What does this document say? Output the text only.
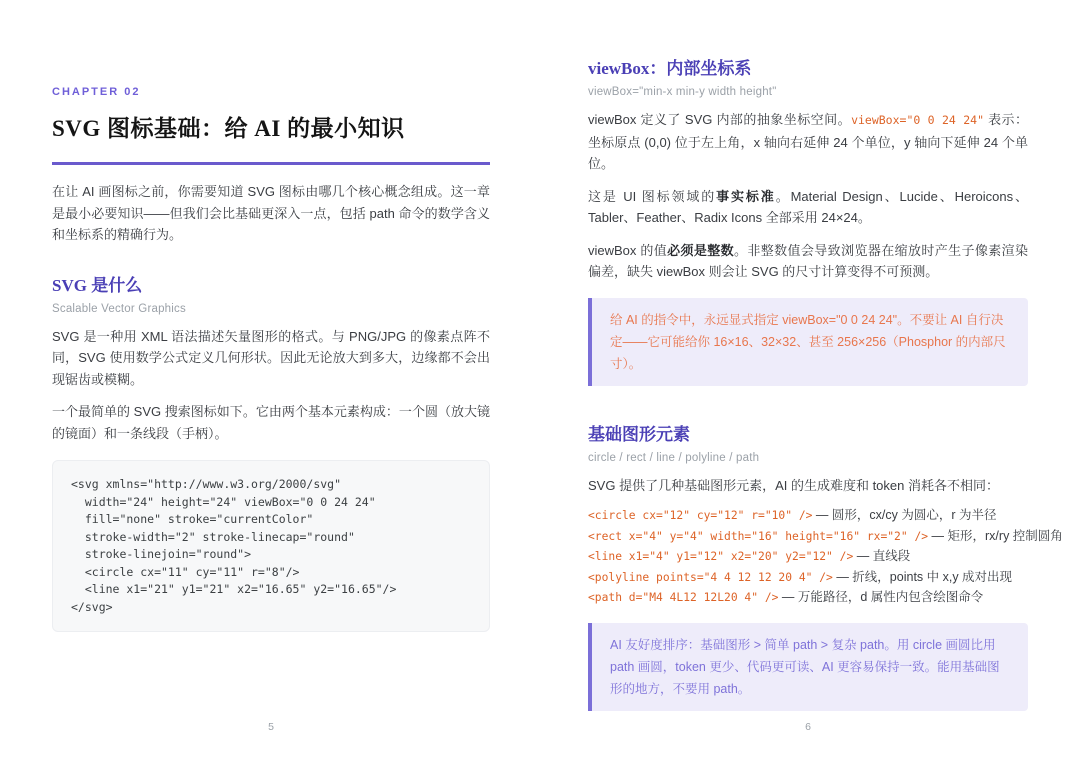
CHAPTER 02
SVG 图标基础：给 AI 的最小知识

在让 AI 画图标之前，你需要知道 SVG 图标由哪几个核心概念组成。这一章是最小必要知识——但我们会比基础更深入一点，包括 path 命令的数学含义和坐标系的精确行为。

SVG 是什么
Scalable Vector Graphics

SVG 是一种用 XML 语法描述矢量图形的格式。与 PNG/JPG 的像素点阵不同，SVG 使用数学公式定义几何形状。因此无论放大到多大，边缘都不会出现锯齿或模糊。

一个最简单的 SVG 搜索图标如下。它由两个基本元素构成：一个圆（放大镜的镜面）和一条线段（手柄）。

<svg xmlns="http://www.w3.org/2000/svg"
width="24" height="24" viewBox="0 0 24 24"
fill="none" stroke="currentColor"
stroke-width="2" stroke-linecap="round"
stroke-linejoin="round">
<circle cx="11" cy="11" r="8"/>
<line x1="21" y1="21" x2="16.65" y2="16.65"/>
</svg>
viewBox：内部坐标系
viewBox="min-x min-y width height"

viewBox 定义了 SVG 内部的抽象坐标空间。viewBox="0 0 24 24" 表示：坐标原点 (0,0) 位于左上角，x 轴向右延伸 24 个单位，y 轴向下延伸 24 个单位。

这是 UI 图标领域的事实标准。Material Design、Lucide、Heroicons、Tabler、Feather、Radix Icons 全部采用 24×24。

viewBox 的值必须是整数。非整数值会导致浏览器在缩放时产生子像素渲染偏差，缺失 viewBox 则会让 SVG 的尺寸计算变得不可预测。

给 AI 的指令中，永远显式指定 viewBox="0 0 24 24"。不要让 AI 自行决定——它可能给你 16×16、32×32、甚至 256×256（Phosphor 的内部尺寸）。
基础图形元素
circle / rect / line / polyline / path

SVG 提供了几种基础图形元素，AI 的生成难度和 token 消耗各不相同：

<circle cx="12" cy="12" r="10" /> — 圆形，cx/cy 为圆心，r 为半径
<rect x="4" y="4" width="16" height="16" rx="2" /> — 矩形，rx/ry 控制圆角
<line x1="4" y1="12" x2="20" y2="12" /> — 直线段
<polyline points="4 4 12 12 20 4" /> — 折线，points 中 x,y 成对出现
<path d="M4 4L12 12L20 4" /> — 万能路径，d 属性内包含绘图命令
AI 友好度排序：基础图形 > 简单 path > 复杂 path。用 circle 画圆比用 path 画圆，token 更少、代码更可读、AI 更容易保持一致。能用基础图形的地方，不要用 path。
5	6
